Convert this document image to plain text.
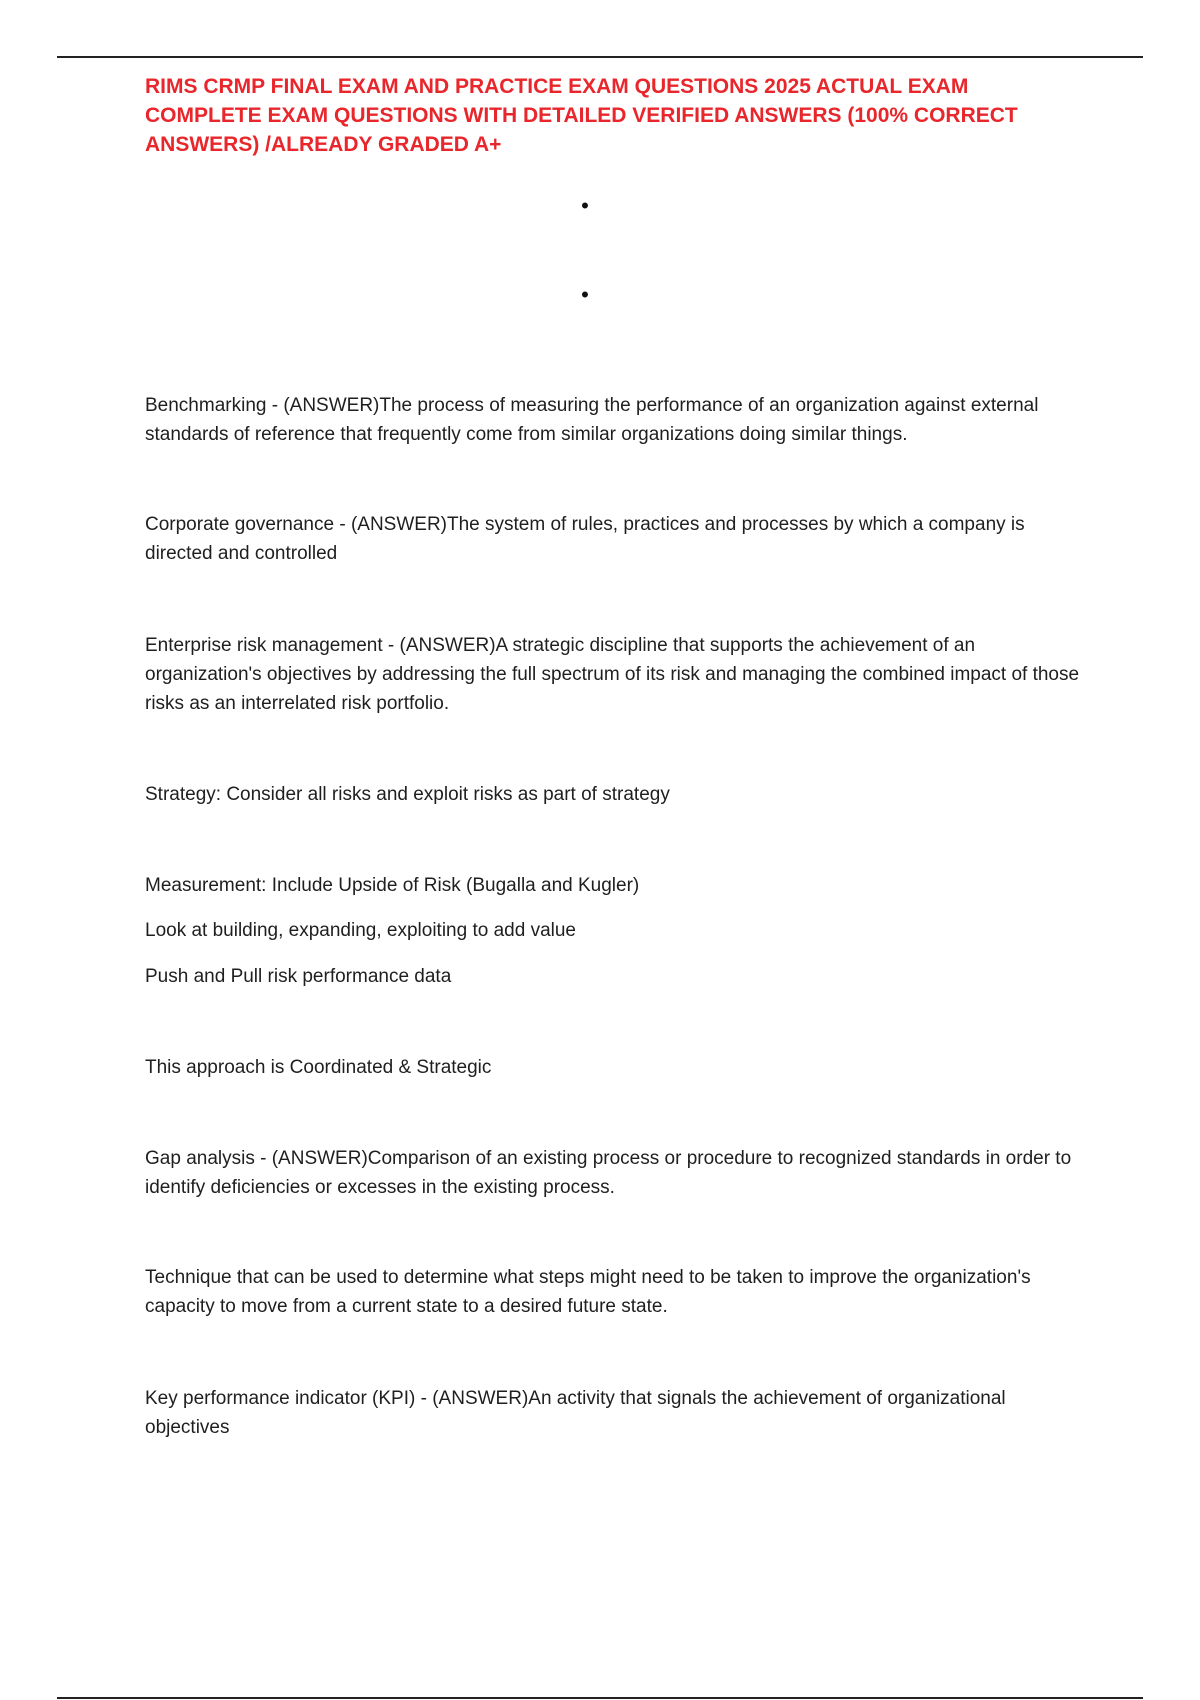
RIMS CRMP FINAL EXAM AND PRACTICE EXAM QUESTIONS 2025 ACTUAL EXAM COMPLETE EXAM QUESTIONS WITH DETAILED VERIFIED ANSWERS (100% CORRECT ANSWERS) /ALREADY GRADED A+
•
•

Benchmarking - (ANSWER)The process of measuring the performance of an organization against external standards of reference that frequently come from similar organizations doing similar things.

Corporate governance - (ANSWER)The system of rules, practices and processes by which a company is directed and controlled

Enterprise risk management - (ANSWER)A strategic discipline that supports the achievement of an organization's objectives by addressing the full spectrum of its risk and managing the combined impact of those risks as an interrelated risk portfolio.

Strategy: Consider all risks and exploit risks as part of strategy

Measurement: Include Upside of Risk (Bugalla and Kugler)

Look at building, expanding, exploiting to add value

Push and Pull risk performance data

This approach is Coordinated & Strategic

Gap analysis - (ANSWER)Comparison of an existing process or procedure to recognized standards in order to identify deficiencies or excesses in the existing process.

Technique that can be used to determine what steps might need to be taken to improve the organization's capacity to move from a current state to a desired future state.

Key performance indicator (KPI) - (ANSWER)An activity that signals the achievement of organizational objectives
